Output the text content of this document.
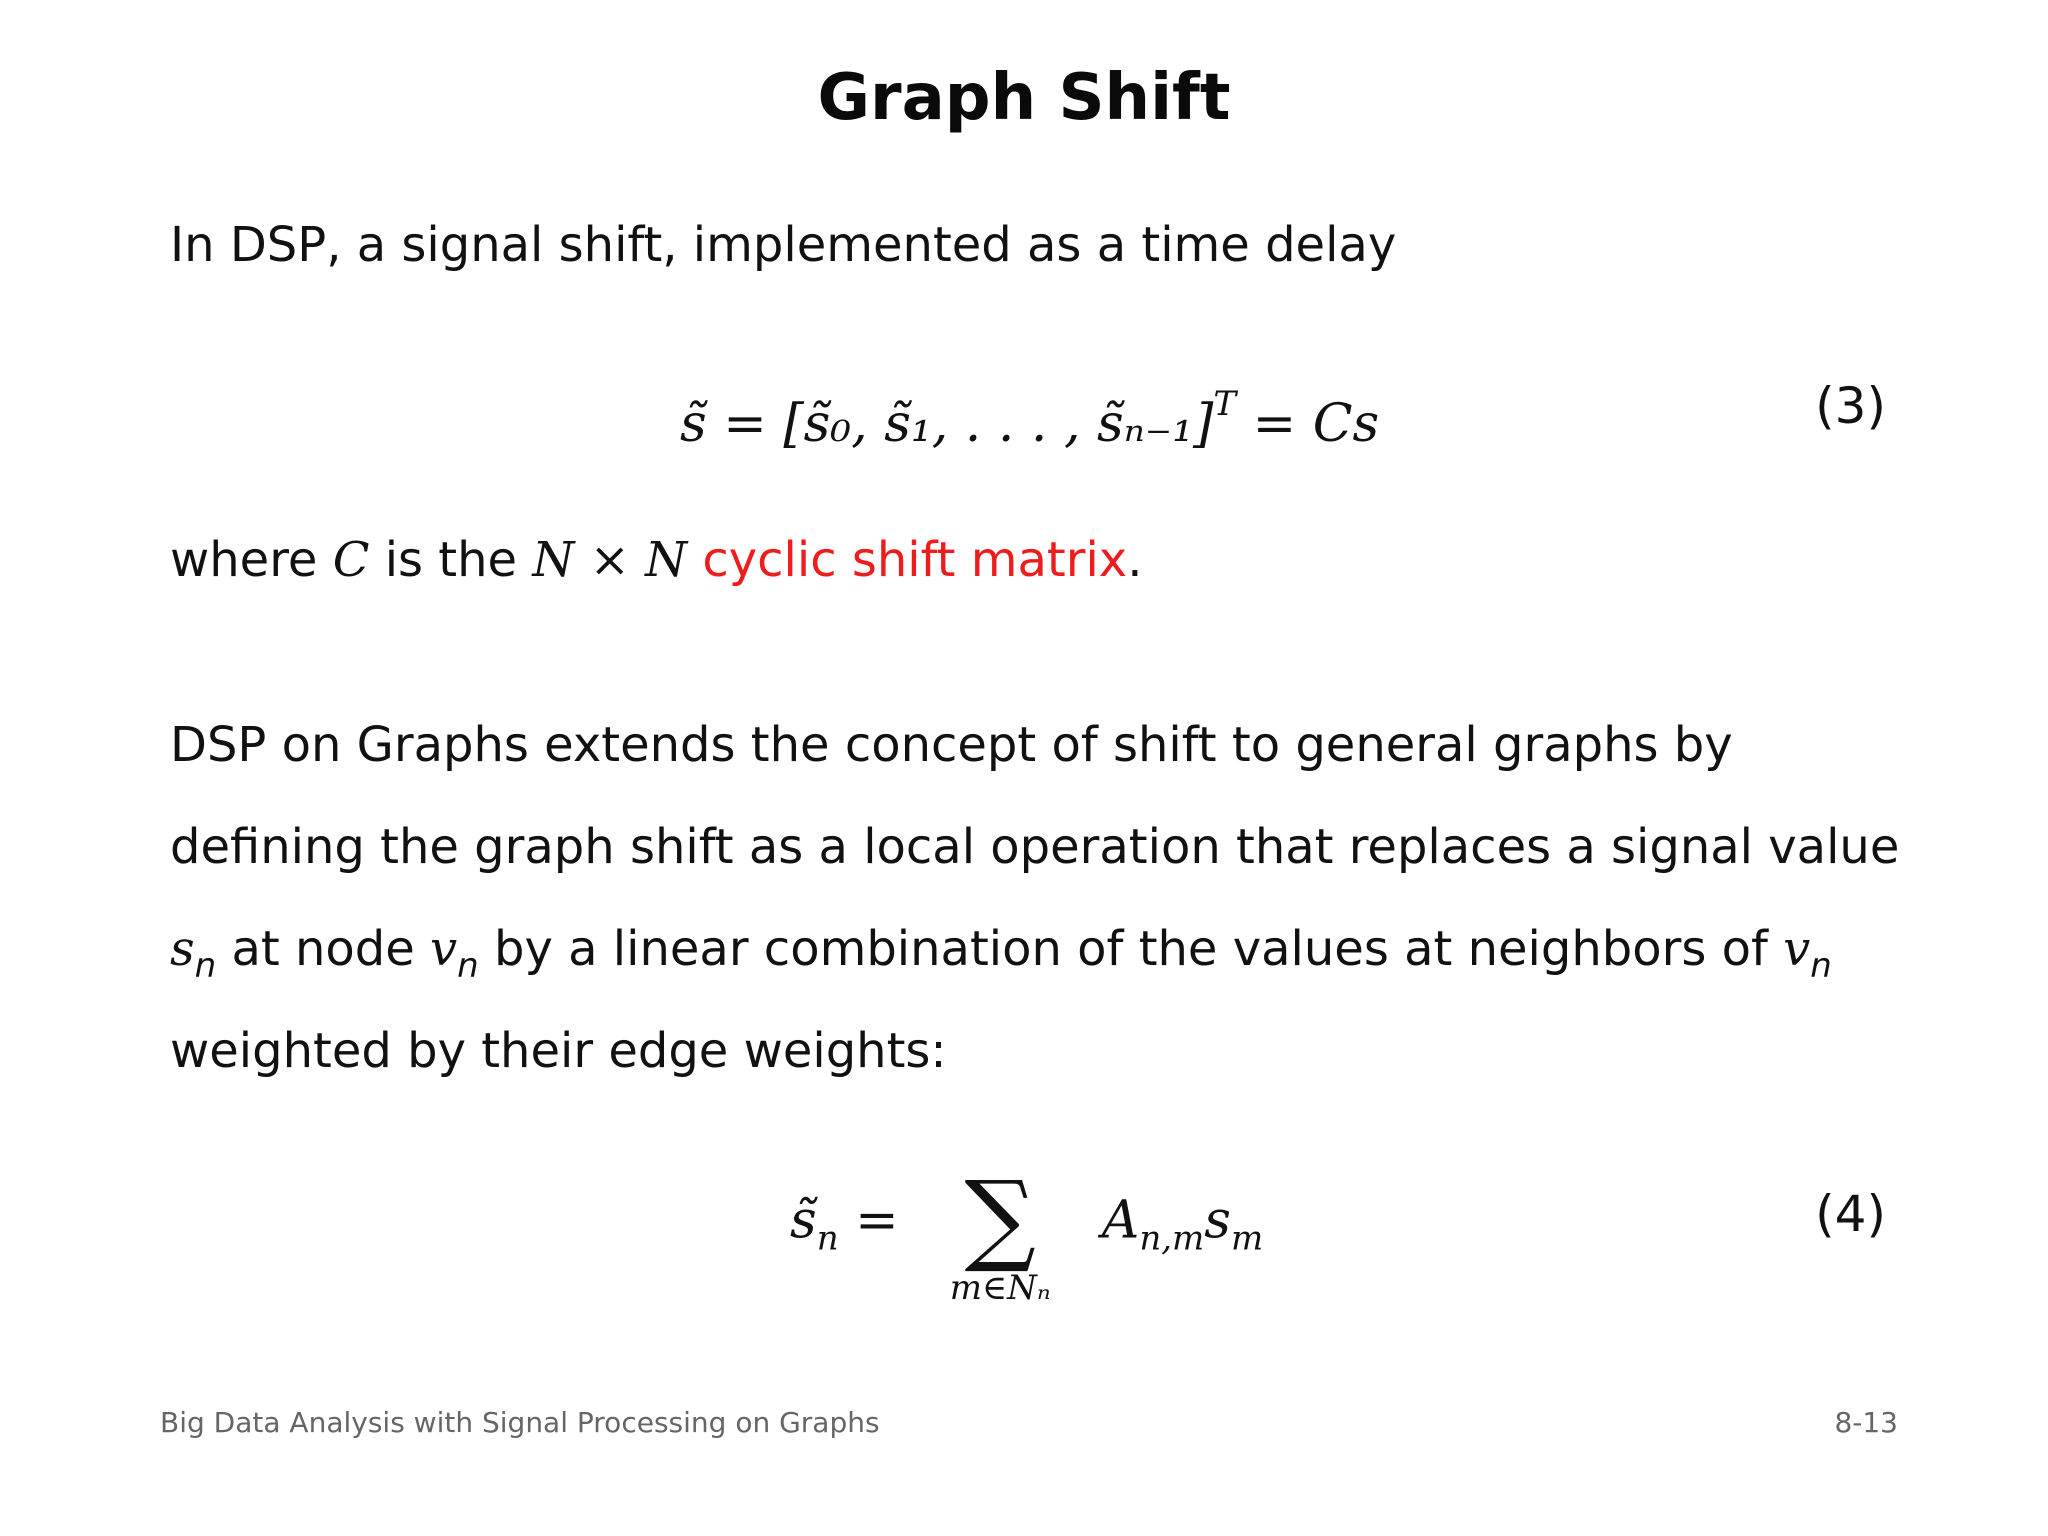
Graph Shift
In DSP, a signal shift, implemented as a time delay
s̃ = [s̃₀, s̃₁, . . . , s̃ₙ₋₁]$^T$ = Cs	(3)
where C is the N × N cyclic shift matrix.
DSP on Graphs extends the concept of shift to general graphs by
defining the graph shift as a local operation that replaces a signal value
$s_n$ at node $v_n$ by a linear combination of the values at neighbors of $v_n$
weighted by their edge weights:
$s̃_n$ = ∑
m∈Nₙ
$A_{n,m}s_m$	(4)
Big Data Analysis with Signal Processing on Graphs	8-13
